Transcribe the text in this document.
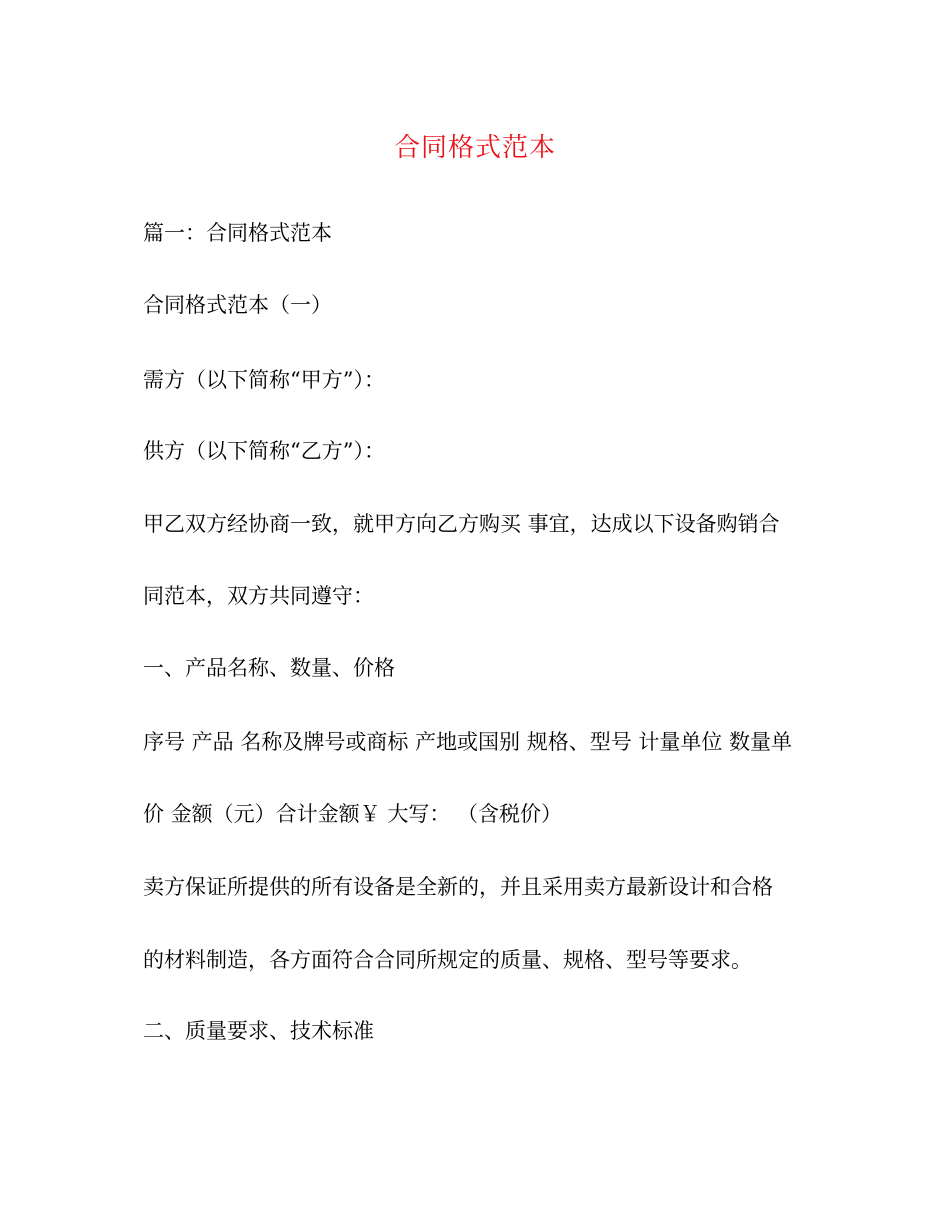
合同格式范本
篇一：合同格式范本
合同格式范本（一）
需方（以下简称“甲方”）：
供方（以下简称“乙方”）：
甲乙双方经协商一致，就甲方向乙方购买 事宜，达成以下设备购销合
同范本，双方共同遵守：
一、产品名称、数量、价格
序号 产品 名称及牌号或商标 产地或国别 规格、型号 计量单位 数量单
价 金额（元）合计金额￥ 大写： （含税价）
卖方保证所提供的所有设备是全新的，并且采用卖方最新设计和合格
的材料制造，各方面符合合同所规定的质量、规格、型号等要求。
二、质量要求、技术标准
